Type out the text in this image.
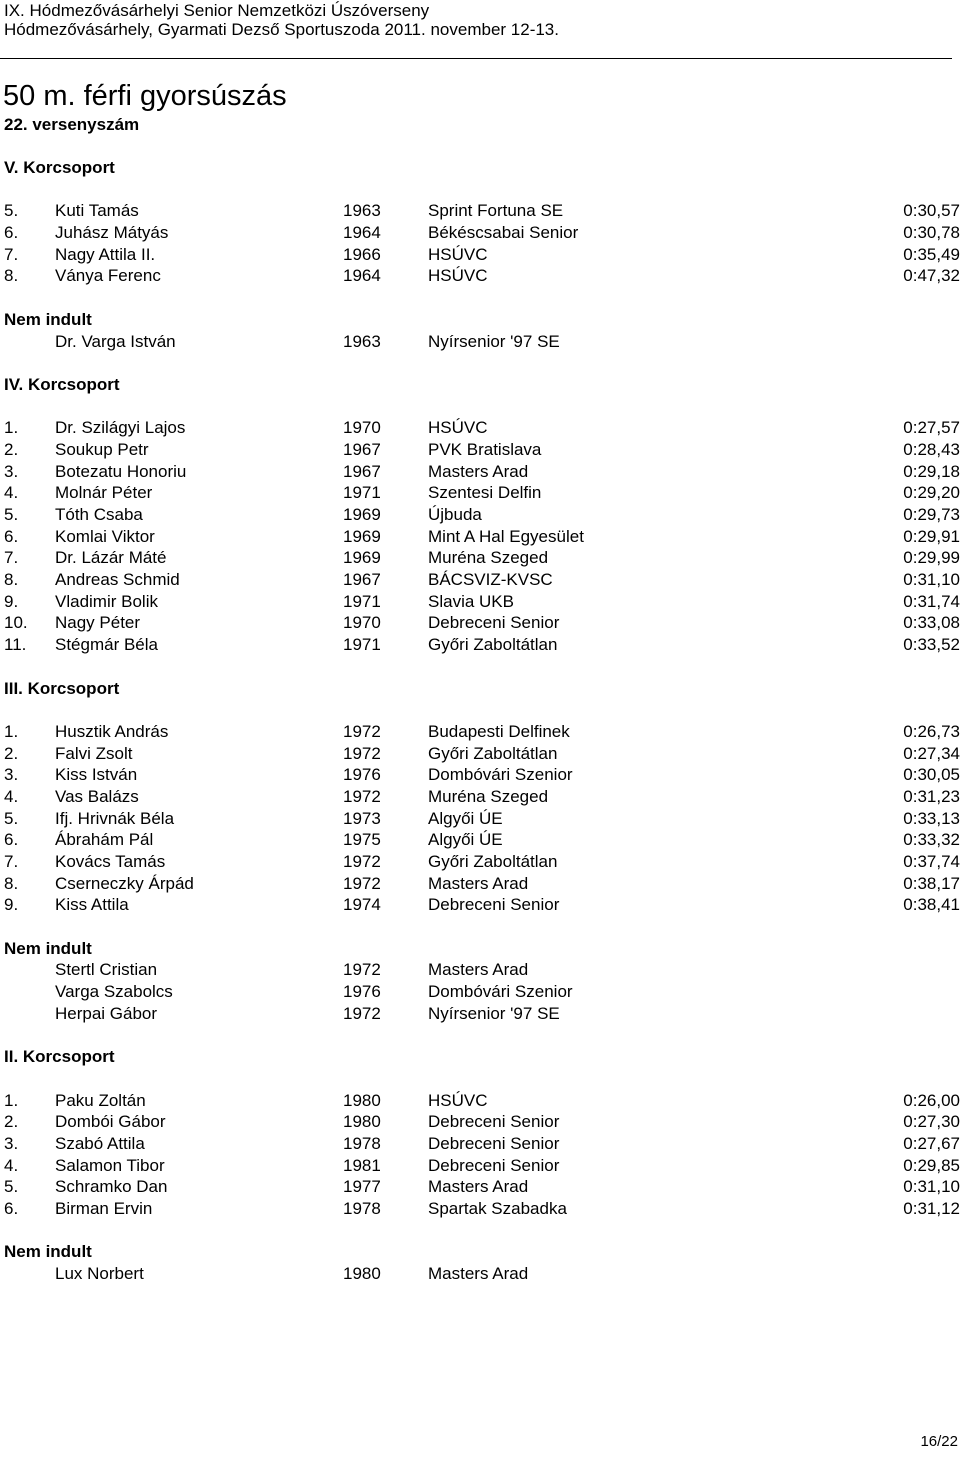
IX. Hódmezővásárhelyi Senior Nemzetközi Úszóverseny
Hódmezővásárhely, Gyarmati Dezső Sportuszoda 2011. november 12-13.
50 m. férfi gyorsúszás
22. versenyszám
V. Korcsoport
5. Kuti Tamás	1963	Sprint Fortuna SE	0:30,57
6. Juhász Mátyás	1964	Békéscsabai Senior	0:30,78
7. Nagy Attila II.	1966	HSÚVC	0:35,49
8. Ványa Ferenc	1964	HSÚVC	0:47,32
Nem indult
Dr. Varga István	1963	Nyírsenior '97 SE
IV. Korcsoport
1. Dr. Szilágyi Lajos	1970	HSÚVC	0:27,57
2. Soukup Petr	1967	PVK Bratislava	0:28,43
3. Botezatu Honoriu	1967	Masters Arad	0:29,18
4. Molnár Péter	1971	Szentesi Delfin	0:29,20
5. Tóth Csaba	1969	Újbuda	0:29,73
6. Komlai Viktor	1969	Mint A Hal Egyesület	0:29,91
7. Dr. Lázár Máté	1969	Muréna Szeged	0:29,99
8. Andreas Schmid	1967	BÁCSVIZ-KVSC	0:31,10
9. Vladimir Bolik	1971	Slavia UKB	0:31,74
10. Nagy Péter	1970	Debreceni Senior	0:33,08
11. Stégmár Béla	1971	Győri Zaboltátlan	0:33,52
III. Korcsoport
1. Husztik András	1972	Budapesti Delfinek	0:26,73
2. Falvi Zsolt	1972	Győri Zaboltátlan	0:27,34
3. Kiss István	1976	Dombóvári Szenior	0:30,05
4. Vas Balázs	1972	Muréna Szeged	0:31,23
5. Ifj. Hrivnák Béla	1973	Algyői ÚE	0:33,13
6. Ábrahám Pál	1975	Algyői ÚE	0:33,32
7. Kovács Tamás	1972	Győri Zaboltátlan	0:37,74
8. Cserneczky Árpád	1972	Masters Arad	0:38,17
9. Kiss Attila	1974	Debreceni Senior	0:38,41
Nem indult
Stertl Cristian	1972	Masters Arad
Varga Szabolcs	1976	Dombóvári Szenior
Herpai Gábor	1972	Nyírsenior '97 SE
II. Korcsoport
1. Paku Zoltán	1980	HSÚVC	0:26,00
2. Dombói Gábor	1980	Debreceni Senior	0:27,30
3. Szabó Attila	1978	Debreceni Senior	0:27,67
4. Salamon Tibor	1981	Debreceni Senior	0:29,85
5. Schramko Dan	1977	Masters Arad	0:31,10
6. Birman Ervin	1978	Spartak Szabadka	0:31,12
Nem indult
Lux Norbert	1980	Masters Arad
16/22
